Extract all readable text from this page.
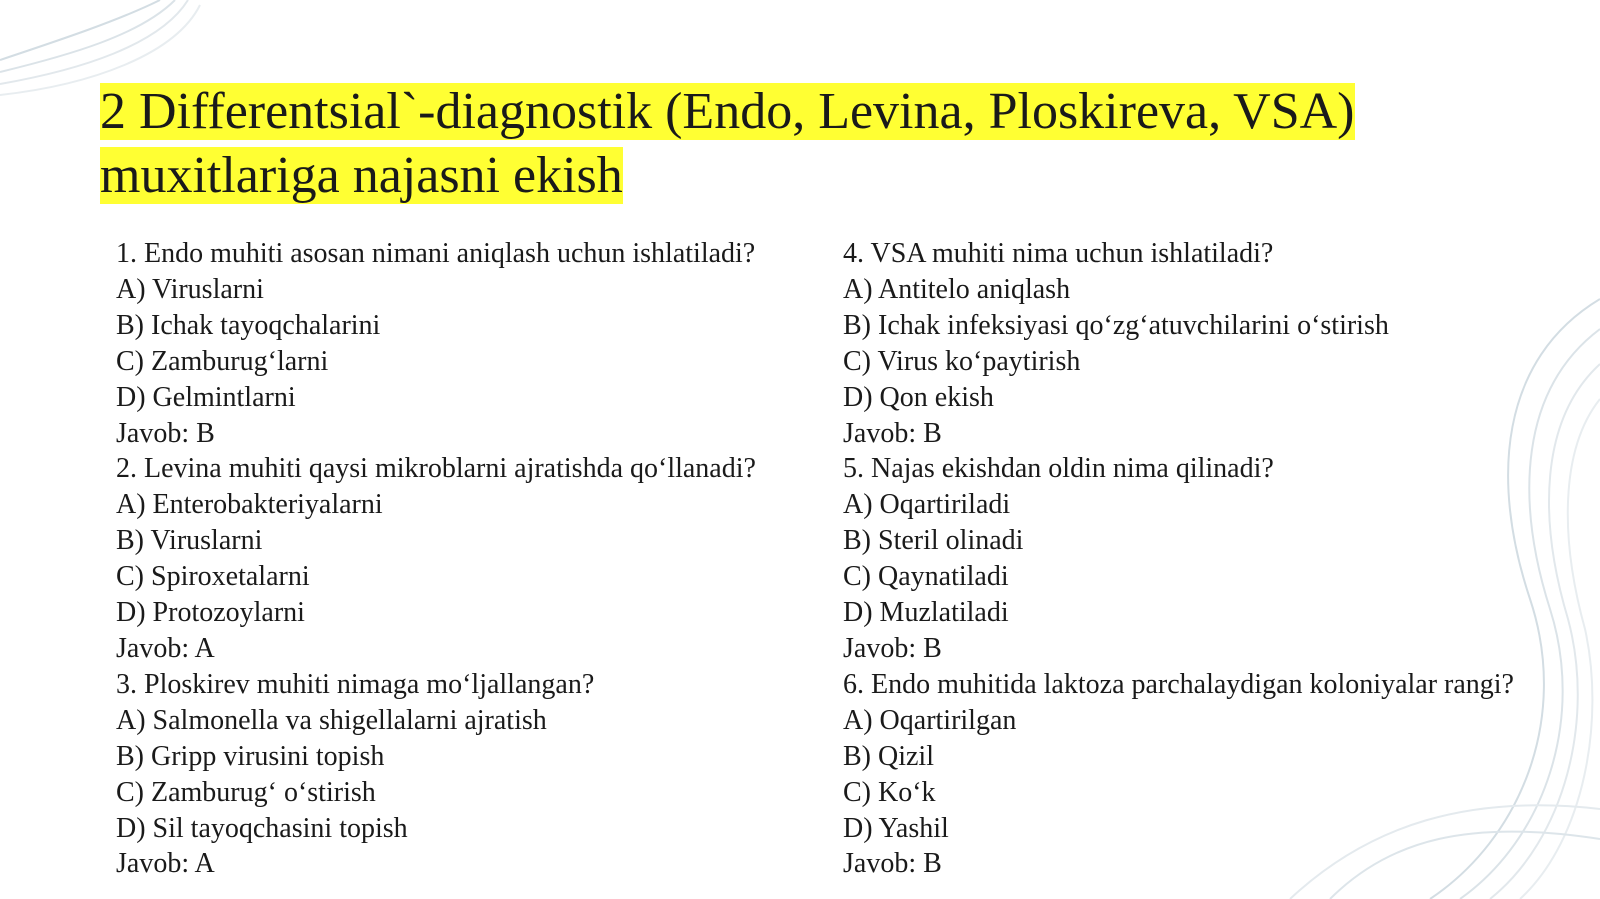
2 Differentsial`-diagnostik (Endo, Levina, Ploskireva, VSA)
muxitlariga najasni ekish
1. Endo muhiti asosan nimani aniqlash uchun ishlatiladi?
A) Viruslarni
B) Ichak tayoqchalarini
C) Zamburug‘larni
D) Gelmintlarni
Javob: B
2. Levina muhiti qaysi mikroblarni ajratishda qo‘llanadi?
A) Enterobakteriyalarni
B) Viruslarni
C) Spiroxetalarni
D) Protozoylarni
Javob: A
3. Ploskirev muhiti nimaga mo‘ljallangan?
A) Salmonella va shigellalarni ajratish
B) Gripp virusini topish
C) Zamburug‘ o‘stirish
D) Sil tayoqchasini topish
Javob: A
4. VSA muhiti nima uchun ishlatiladi?
A) Antitelo aniqlash
B) Ichak infeksiyasi qo‘zg‘atuvchilarini o‘stirish
C) Virus ko‘paytirish
D) Qon ekish
Javob: B
5. Najas ekishdan oldin nima qilinadi?
A) Oqartiriladi
B) Steril olinadi
C) Qaynatiladi
D) Muzlatiladi
Javob: B
6. Endo muhitida laktoza parchalaydigan koloniyalar rangi?
A) Oqartirilgan
B) Qizil
C) Ko‘k
D) Yashil
Javob: B
